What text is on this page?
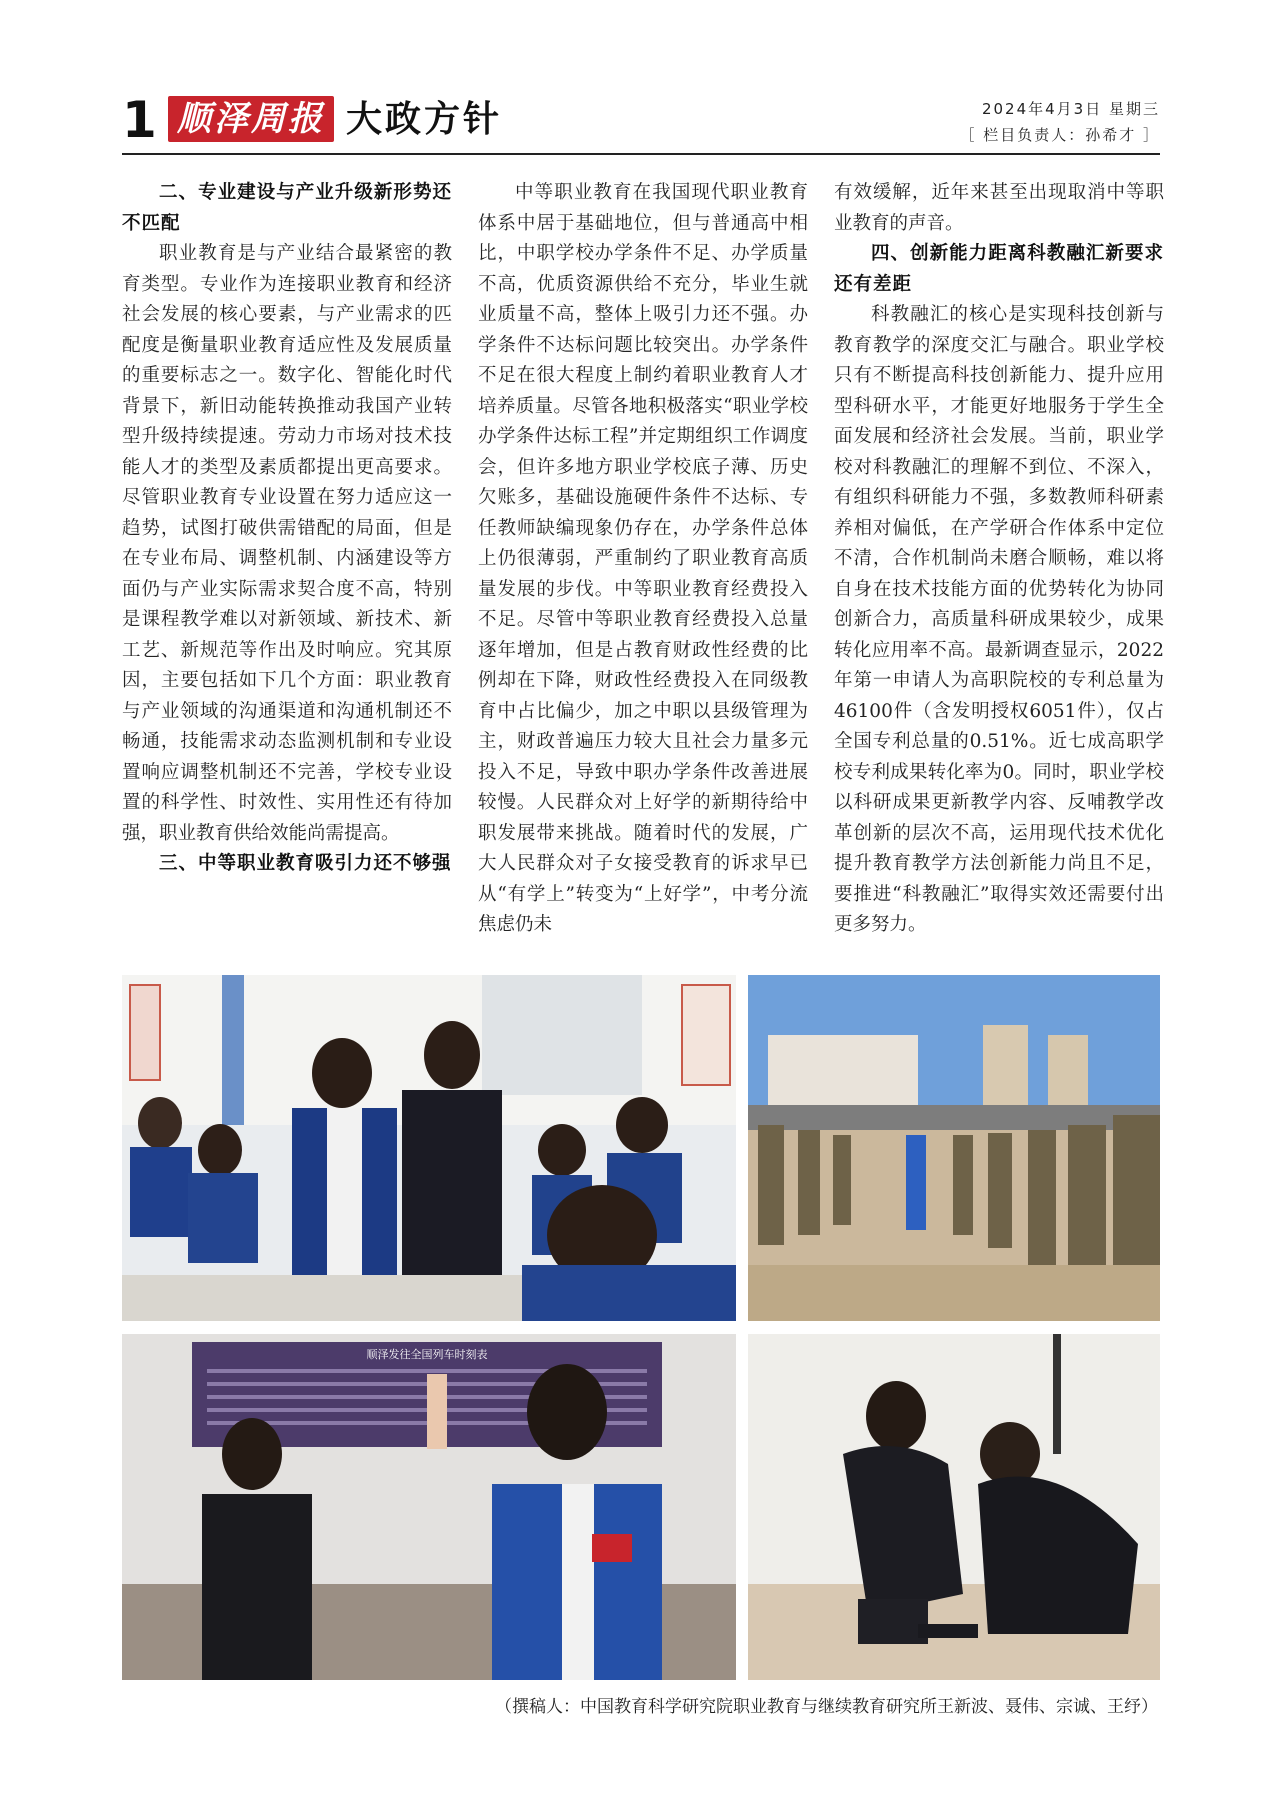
1 顺泽周报 大政方针	2024年4月3日 星期三
［ 栏目负责人：孙希才 ］
二、专业建设与产业升级新形势还不匹配

职业教育是与产业结合最紧密的教育类型。专业作为连接职业教育和经济社会发展的核心要素，与产业需求的匹配度是衡量职业教育适应性及发展质量的重要标志之一。数字化、智能化时代背景下，新旧动能转换推动我国产业转型升级持续提速。劳动力市场对技术技能人才的类型及素质都提出更高要求。尽管职业教育专业设置在努力适应这一趋势，试图打破供需错配的局面，但是在专业布局、调整机制、内涵建设等方面仍与产业实际需求契合度不高，特别是课程教学难以对新领域、新技术、新工艺、新规范等作出及时响应。究其原因，主要包括如下几个方面：职业教育与产业领域的沟通渠道和沟通机制还不畅通，技能需求动态监测机制和专业设置响应调整机制还不完善，学校专业设置的科学性、时效性、实用性还有待加强，职业教育供给效能尚需提高。

三、中等职业教育吸引力还不够强

中等职业教育在我国现代职业教育体系中居于基础地位，但与普通高中相比，中职学校办学条件不足、办学质量不高，优质资源供给不充分，毕业生就业质量不高，整体上吸引力还不强。办学条件不达标问题比较突出。办学条件不足在很大程度上制约着职业教育人才培养质量。尽管各地积极落实“职业学校办学条件达标工程”并定期组织工作调度会，但许多地方职业学校底子薄、历史欠账多，基础设施硬件条件不达标、专任教师缺编现象仍存在，办学条件总体上仍很薄弱，严重制约了职业教育高质量发展的步伐。中等职业教育经费投入不足。尽管中等职业教育经费投入总量逐年增加，但是占教育财政性经费的比例却在下降，财政性经费投入在同级教育中占比偏少，加之中职以县级管理为主，财政普遍压力较大且社会力量多元投入不足，导致中职办学条件改善进展较慢。人民群众对上好学的新期待给中职发展带来挑战。随着时代的发展，广大人民群众对子女接受教育的诉求早已从“有学上”转变为“上好学”，中考分流焦虑仍未

有效缓解，近年来甚至出现取消中等职业教育的声音。

四、创新能力距离科教融汇新要求还有差距

科教融汇的核心是实现科技创新与教育教学的深度交汇与融合。职业学校只有不断提高科技创新能力、提升应用型科研水平，才能更好地服务于学生全面发展和经济社会发展。当前，职业学校对科教融汇的理解不到位、不深入，有组织科研能力不强，多数教师科研素养相对偏低，在产学研合作体系中定位不清，合作机制尚未磨合顺畅，难以将自身在技术技能方面的优势转化为协同创新合力，高质量科研成果较少，成果转化应用率不高。最新调查显示，2022年第一申请人为高职院校的专利总量为46100件（含发明授权6051件），仅占全国专利总量的0.51%。近七成高职学校专利成果转化率为0。同时，职业学校以科研成果更新教学内容、反哺教学改革创新的层次不高，运用现代技术优化提升教育教学方法创新能力尚且不足，要推进“科教融汇”取得实效还需要付出更多努力。

顺泽发往全国列车时刻表
（撰稿人：中国教育科学研究院职业教育与继续教育研究所王新波、聂伟、宗诚、王纾）
